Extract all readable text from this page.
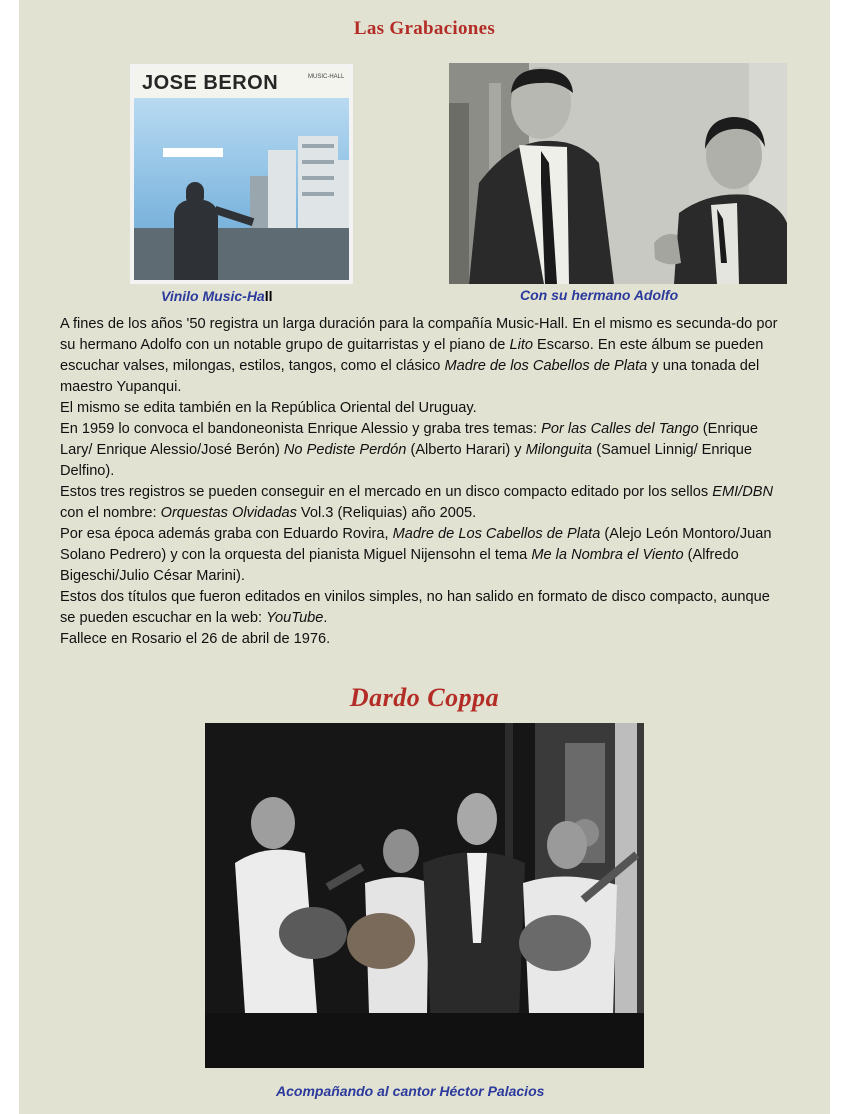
Las Grabaciones
JOSE BERON	MUSIC-HALL
Vinilo Music-Hall	Con su hermano Adolfo

A fines de los años '50 registra un larga duración para la compañía Music-Hall. En el mismo es secunda-do por su hermano Adolfo con un notable grupo de guitarristas y el piano de Lito Escarso. En este álbum se pueden escuchar valses, milongas, estilos, tangos, como el clásico Madre de los Cabellos de Plata y una tonada del maestro Yupanqui.

El mismo se edita también en la República Oriental del Uruguay.

En 1959 lo convoca el bandoneonista Enrique Alessio y graba tres temas: Por las Calles del Tango (Enrique Lary/ Enrique Alessio/José Berón) No Pediste Perdón (Alberto Harari) y Milonguita (Samuel Linnig/ Enrique Delfino).

Estos tres registros se pueden conseguir en el mercado en un disco compacto editado por los sellos EMI/DBN con el nombre: Orquestas Olvidadas Vol.3 (Reliquias) año 2005.

Por esa época además graba con Eduardo Rovira, Madre de Los Cabellos de Plata (Alejo León Montoro/Juan Solano Pedrero) y con la orquesta del pianista Miguel Nijensohn el tema Me la Nombra el Viento (Alfredo Bigeschi/Julio César Marini).

Estos dos títulos que fueron editados en vinilos simples, no han salido en formato de disco compacto, aunque se pueden escuchar en la web: YouTube.

Fallece en Rosario el 26 de abril de 1976.

Dardo Coppa
Acompañando al cantor Héctor Palacios
